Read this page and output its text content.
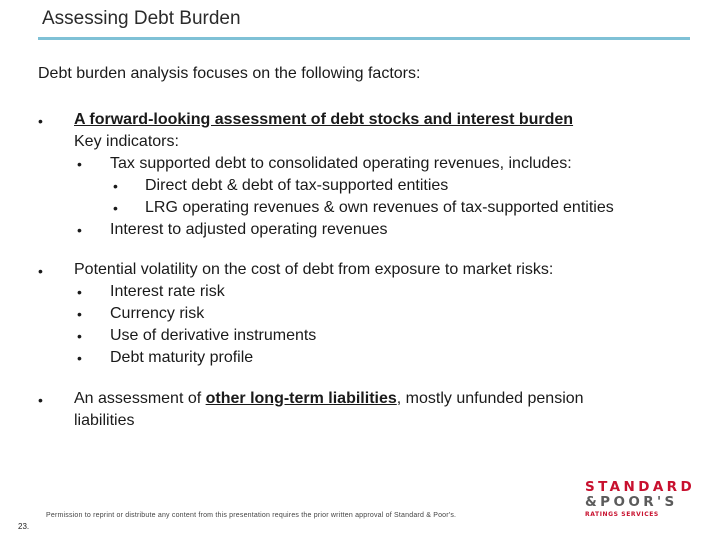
Assessing Debt Burden
Debt burden analysis focuses on the following factors:
•	A forward-looking assessment of debt stocks and interest burden
Key indicators:
• Tax supported debt to consolidated operating revenues, includes:
• Direct debt & debt of tax-supported entities
• LRG operating revenues & own revenues of tax-supported entities
• Interest to adjusted operating revenues
•	Potential volatility on the cost of debt from exposure to market risks:
• Interest rate risk
• Currency risk
• Use of derivative instruments
• Debt maturity profile
•	An assessment of other long-term liabilities, mostly unfunded pension
liabilities
Permission to reprint or distribute any content from this presentation requires the prior written approval of Standard & Poor's.
23.
STANDARD
&POOR'S
RATINGS SERVICES
